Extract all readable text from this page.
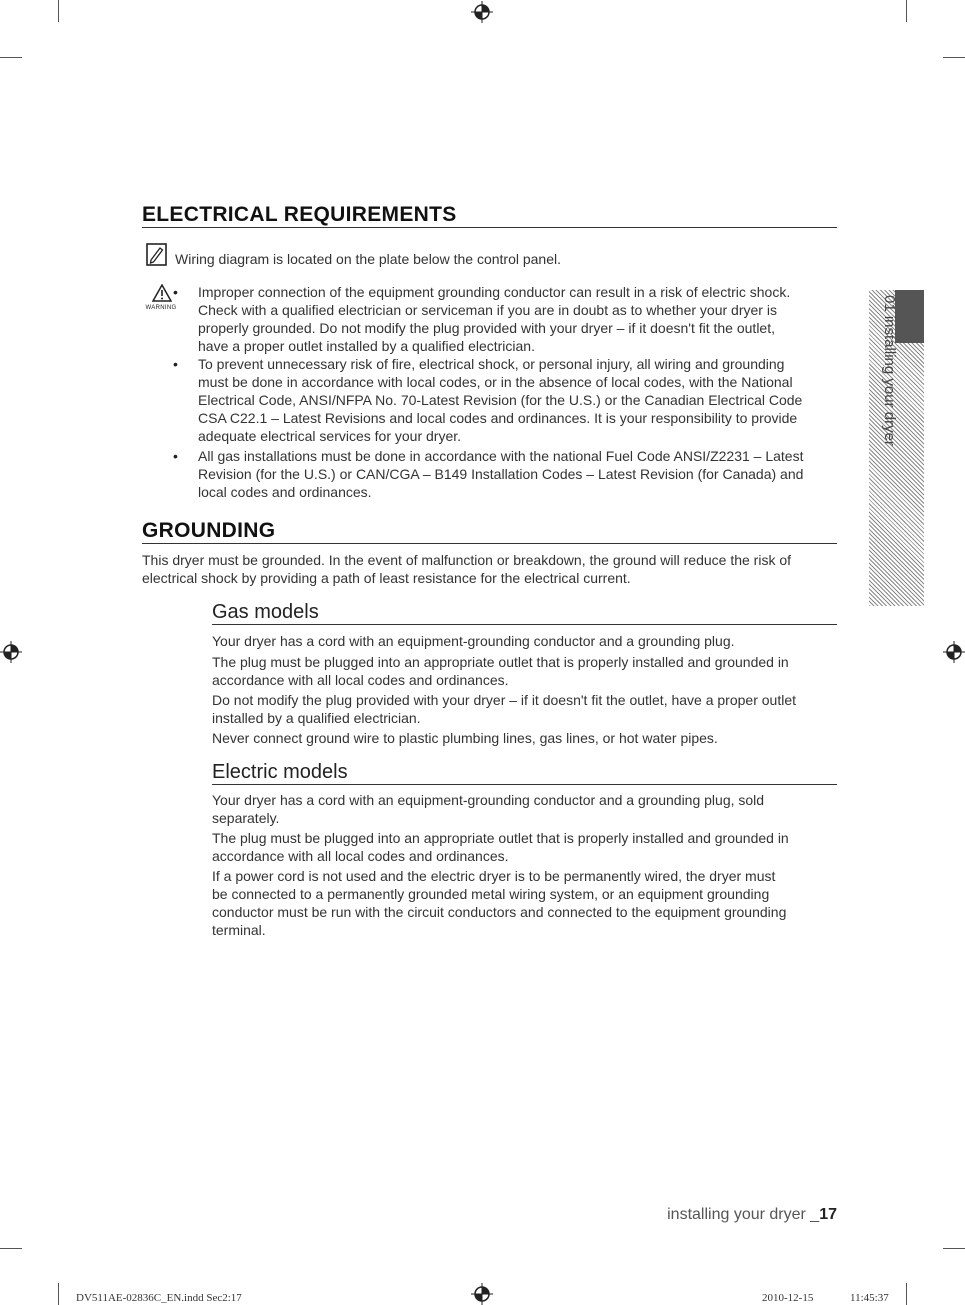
ELECTRICAL REQUIREMENTS
Wiring diagram is located on the plate below the control panel.
WARNING
• Improper connection of the equipment grounding conductor can result in a risk of electric shock.
Check with a qualified electrician or serviceman if you are in doubt as to whether your dryer is
properly grounded. Do not modify the plug provided with your dryer – if it doesn't fit the outlet,
have a proper outlet installed by a qualified electrician.
• To prevent unnecessary risk of fire, electrical shock, or personal injury, all wiring and grounding
must be done in accordance with local codes, or in the absence of local codes, with the National
Electrical Code, ANSI/NFPA No. 70-Latest Revision (for the U.S.) or the Canadian Electrical Code
CSA C22.1 – Latest Revisions and local codes and ordinances. It is your responsibility to provide
adequate electrical services for your dryer.
• All gas installations must be done in accordance with the national Fuel Code ANSI/Z2231 – Latest
Revision (for the U.S.) or CAN/CGA – B149 Installation Codes – Latest Revision (for Canada) and
local codes and ordinances.
GROUNDING
This dryer must be grounded. In the event of malfunction or breakdown, the ground will reduce the risk of
electrical shock by providing a path of least resistance for the electrical current.
Gas models
Your dryer has a cord with an equipment-grounding conductor and a grounding plug.
The plug must be plugged into an appropriate outlet that is properly installed and grounded in
accordance with all local codes and ordinances.
Do not modify the plug provided with your dryer – if it doesn't fit the outlet, have a proper outlet
installed by a qualified electrician.
Never connect ground wire to plastic plumbing lines, gas lines, or hot water pipes.
Electric models
Your dryer has a cord with an equipment-grounding conductor and a grounding plug, sold
separately.
The plug must be plugged into an appropriate outlet that is properly installed and grounded in
accordance with all local codes and ordinances.
If a power cord is not used and the electric dryer is to be permanently wired, the dryer must
be connected to a permanently grounded metal wiring system, or an equipment grounding
conductor must be run with the circuit conductors and connected to the equipment grounding
terminal.
01 installing your dryer
installing your dryer _17
DV511AE-02836C_EN.indd Sec2:17	2010-12-15	11:45:37
